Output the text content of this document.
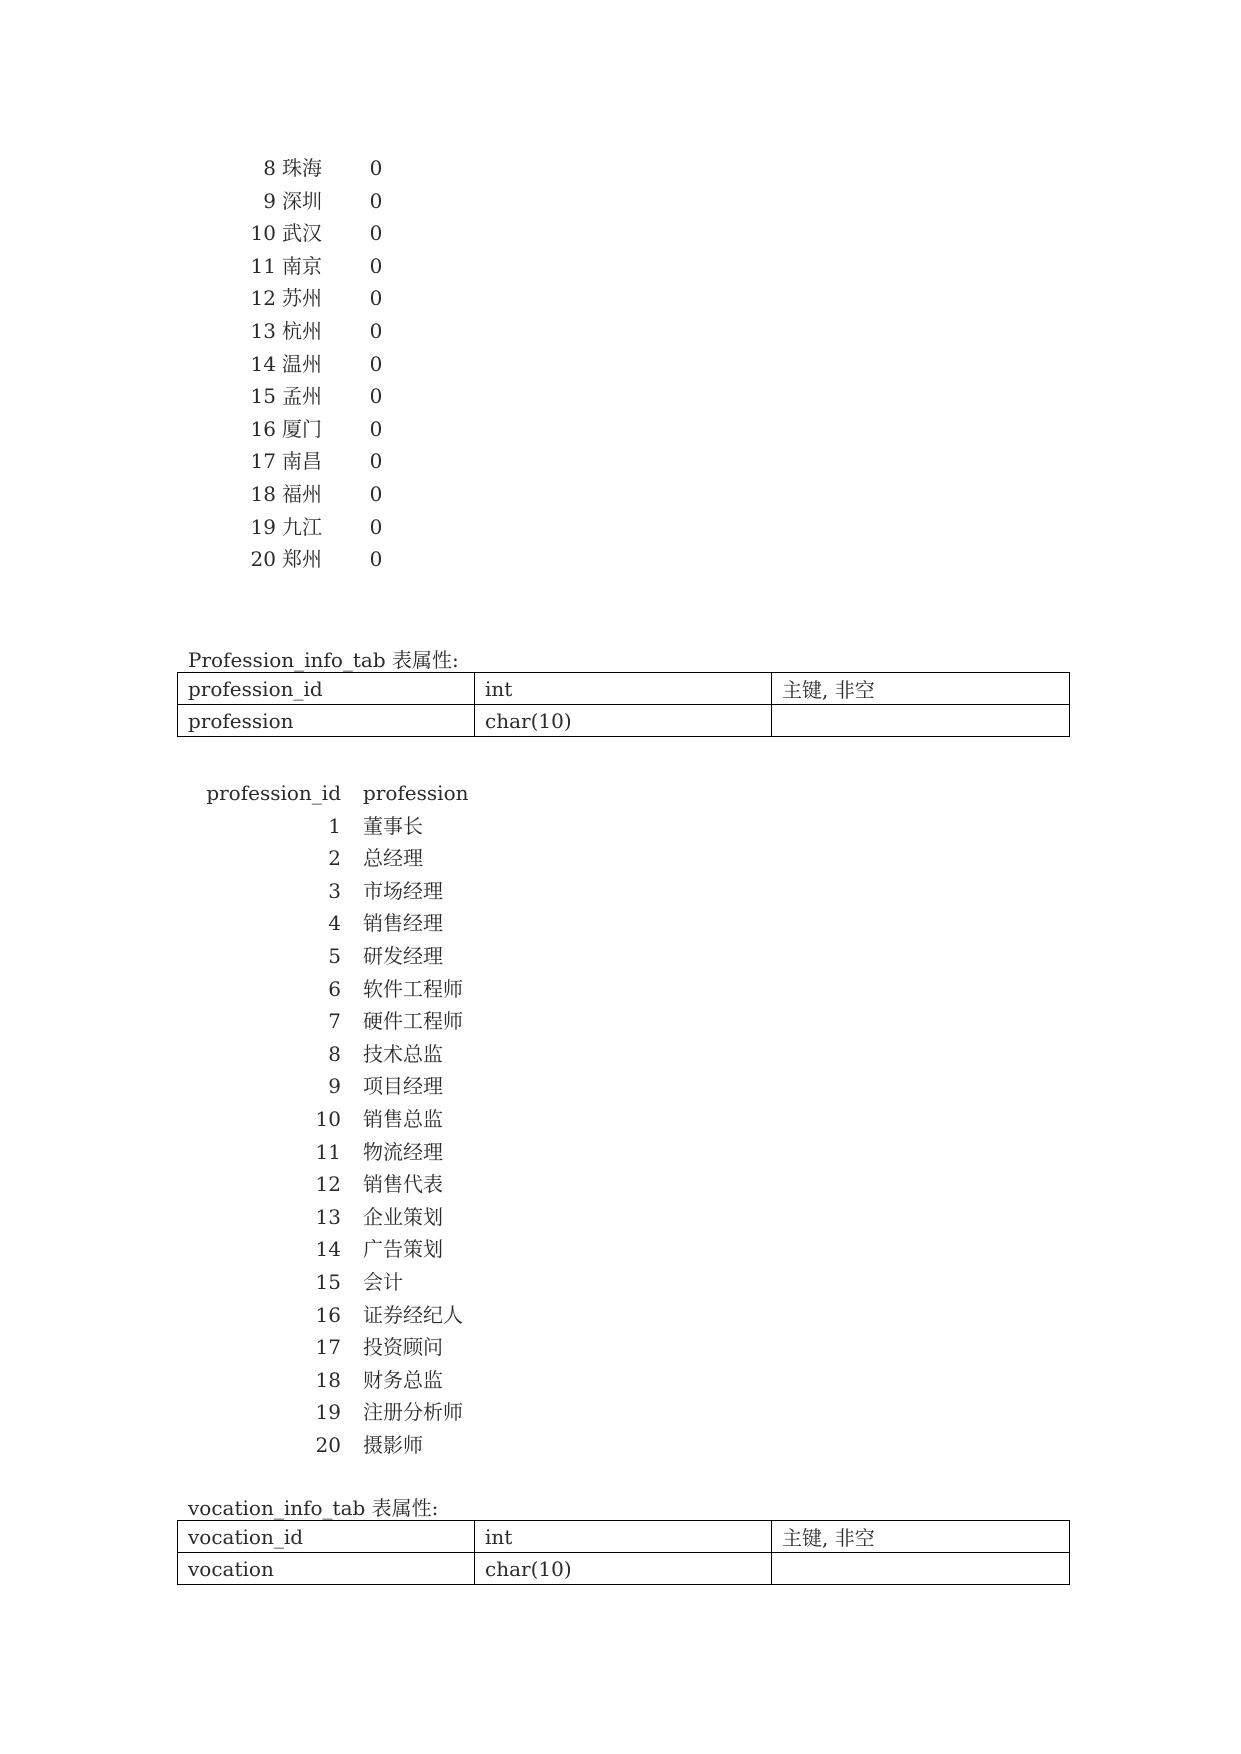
8 珠海 0
9 深圳 0
10 武汉 0
11 南京 0
12 苏州 0
13 杭州 0
14 温州 0
15 孟州 0
16 厦门 0
17 南昌 0
18 福州 0
19 九江 0
20 郑州 0
Profession_info_tab 表属性:
profession_id	int	主键, 非空
profession	char(10)	
profession_id profession
1 董事长
2 总经理
3 市场经理
4 销售经理
5 研发经理
6 软件工程师
7 硬件工程师
8 技术总监
9 项目经理
10 销售总监
11 物流经理
12 销售代表
13 企业策划
14 广告策划
15 会计
16 证券经纪人
17 投资顾问
18 财务总监
19 注册分析师
20 摄影师
vocation_info_tab 表属性:
vocation_id	int	主键, 非空
vocation	char(10)	
